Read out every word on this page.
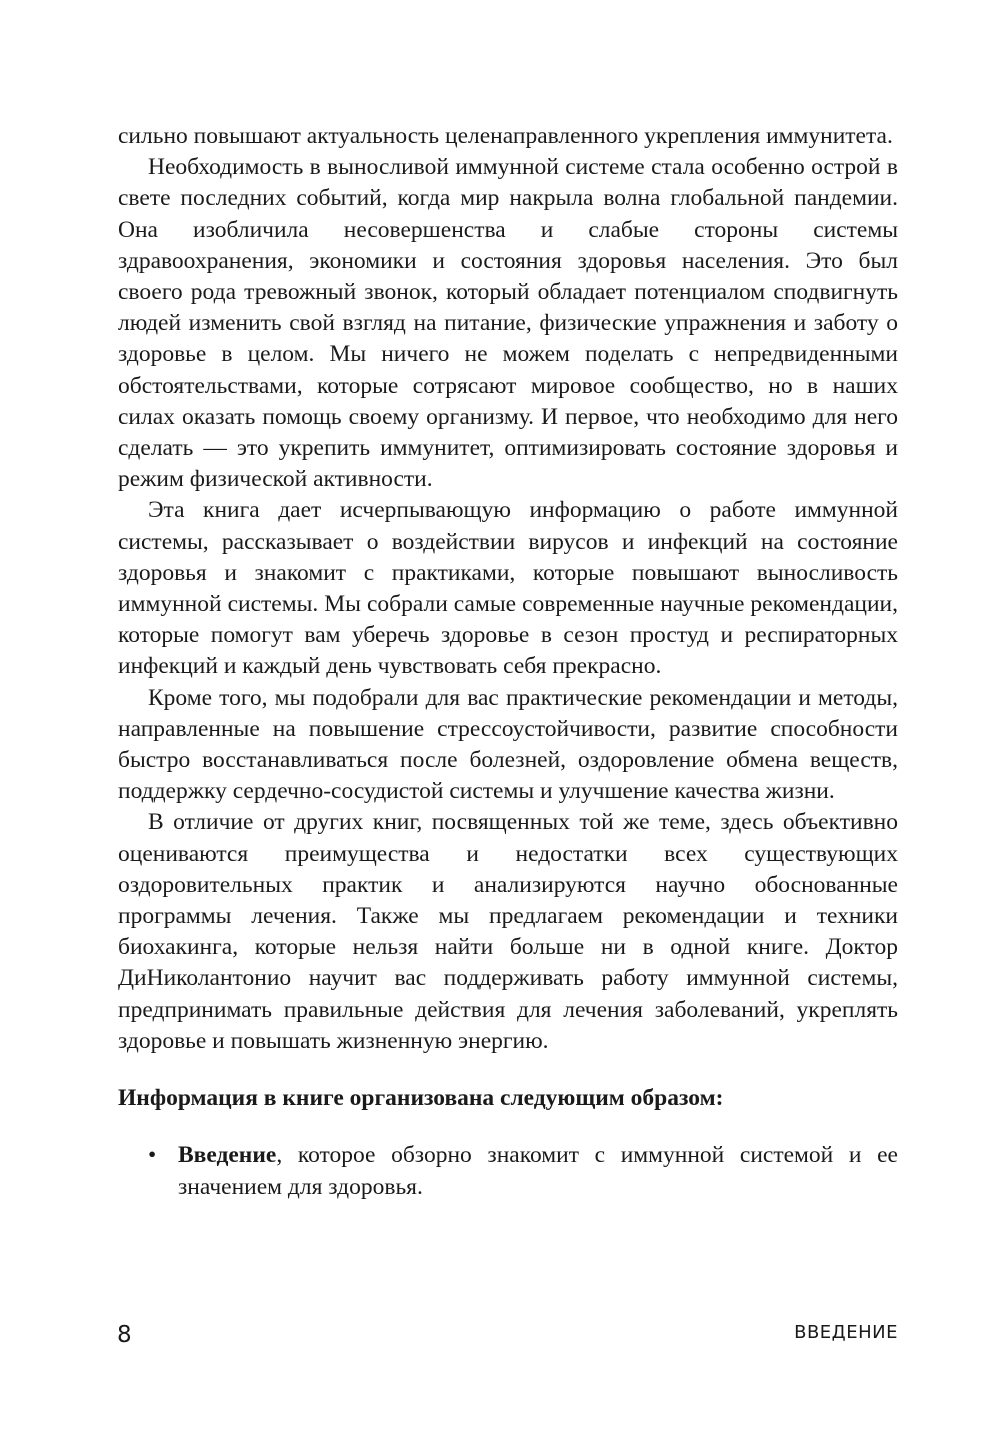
сильно повышают актуальность целенаправленного укрепления иммунитета.

Необходимость в выносливой иммунной системе стала особенно острой в свете последних событий, когда мир накрыла волна глобальной пандемии. Она изобличила несовершенства и слабые стороны системы здравоохранения, экономики и состояния здоровья населения. Это был своего рода тревожный звонок, который обладает потенциалом сподвигнуть людей изменить свой взгляд на питание, физические упражнения и заботу о здоровье в целом. Мы ничего не можем поделать с непредвиденными обстоятельствами, которые сотрясают мировое сообщество, но в наших силах оказать помощь своему организму. И первое, что необходимо для него сделать — это укрепить иммунитет, оптимизировать состояние здоровья и режим физической активности.

Эта книга дает исчерпывающую информацию о работе иммунной системы, рассказывает о воздействии вирусов и инфекций на состояние здоровья и знакомит с практиками, которые повышают выносливость иммунной системы. Мы собрали самые современные научные рекомендации, которые помогут вам уберечь здоровье в сезон простуд и респираторных инфекций и каждый день чувствовать себя прекрасно.

Кроме того, мы подобрали для вас практические рекомендации и методы, направленные на повышение стрессоустойчивости, развитие способности быстро восстанавливаться после болезней, оздоровление обмена веществ, поддержку сердечно-сосудистой системы и улучшение качества жизни.

В отличие от других книг, посвященных той же теме, здесь объективно оцениваются преимущества и недостатки всех существующих оздоровительных практик и анализируются научно обоснованные программы лечения. Также мы предлагаем рекомендации и техники биохакинга, которые нельзя найти больше ни в одной книге. Доктор ДиНиколантонио научит вас поддерживать работу иммунной системы, предпринимать правильные действия для лечения заболеваний, укреплять здоровье и повышать жизненную энергию.

Информация в книге организована следующим образом:
• Введение, которое обзорно знакомит с иммунной системой и ее значением для здоровья.
8	ВВЕДЕНИЕ
